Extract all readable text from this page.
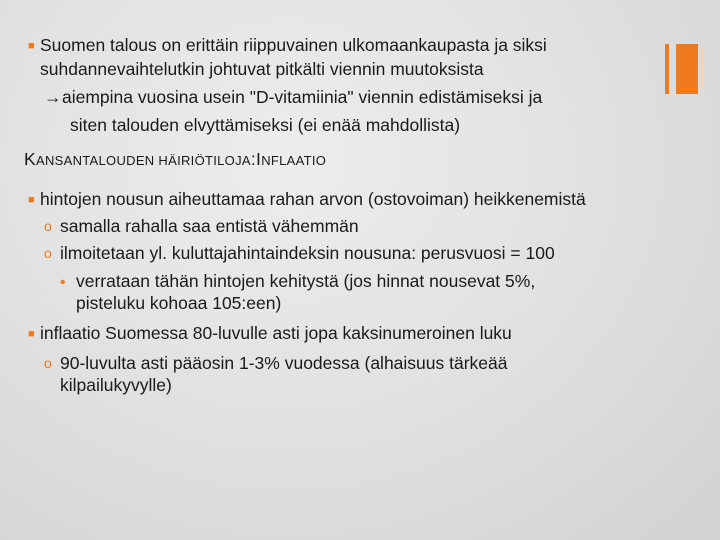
■ Suomen talous on erittäin riippuvainen ulkomaankaupasta ja siksi
suhdannevaihtelutkin johtuvat pitkälti viennin muutoksista
→aiempina vuosina usein "D-vitamiinia" viennin edistämiseksi ja
siten talouden elvyttämiseksi (ei enää mahdollista)
KANSANTALOUDEN HÄIRIÖTILOJA:INFLAATIO
■ hintojen nousun aiheuttamaa rahan arvon (ostovoiman) heikkenemistä
o samalla rahalla saa entistä vähemmän
o ilmoitetaan yl. kuluttajahintaindeksin nousuna: perusvuosi = 100
• verrataan tähän hintojen kehitystä (jos hinnat nousevat 5%,
pisteluku kohoaa 105:een)
■ inflaatio Suomessa 80-luvulle asti jopa kaksinumeroinen luku
o 90-luvulta asti pääosin 1-3% vuodessa (alhaisuus tärkeää
kilpailukyvylle)
